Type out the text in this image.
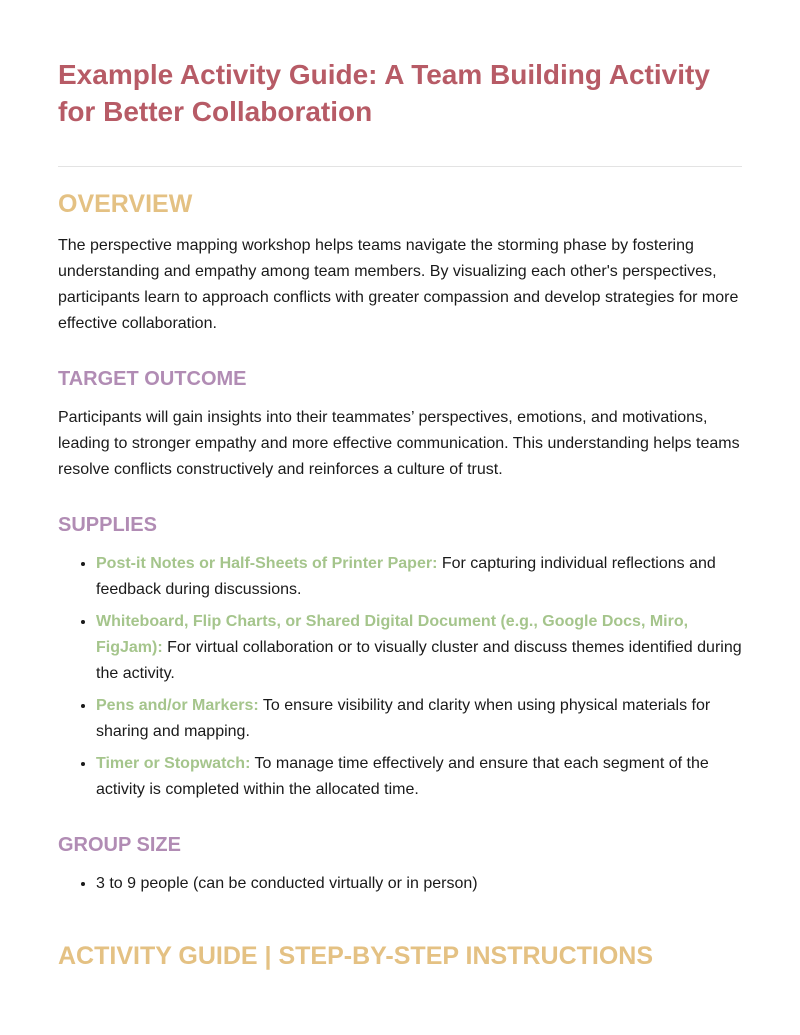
Example Activity Guide: A Team Building Activity for Better Collaboration
OVERVIEW

The perspective mapping workshop helps teams navigate the storming phase by fostering understanding and empathy among team members. By visualizing each other's perspectives, participants learn to approach conflicts with greater compassion and develop strategies for more effective collaboration.

TARGET OUTCOME

Participants will gain insights into their teammates’ perspectives, emotions, and motivations, leading to stronger empathy and more effective communication. This understanding helps teams resolve conflicts constructively and reinforces a culture of trust.

SUPPLIES
• Post-it Notes or Half-Sheets of Printer Paper: For capturing individual reflections and feedback during discussions.
• Whiteboard, Flip Charts, or Shared Digital Document (e.g., Google Docs, Miro, FigJam): For virtual collaboration or to visually cluster and discuss themes identified during the activity.
• Pens and/or Markers: To ensure visibility and clarity when using physical materials for sharing and mapping.
• Timer or Stopwatch: To manage time effectively and ensure that each segment of the activity is completed within the allocated time.
GROUP SIZE
• 3 to 9 people (can be conducted virtually or in person)
ACTIVITY GUIDE | STEP-BY-STEP INSTRUCTIONS
